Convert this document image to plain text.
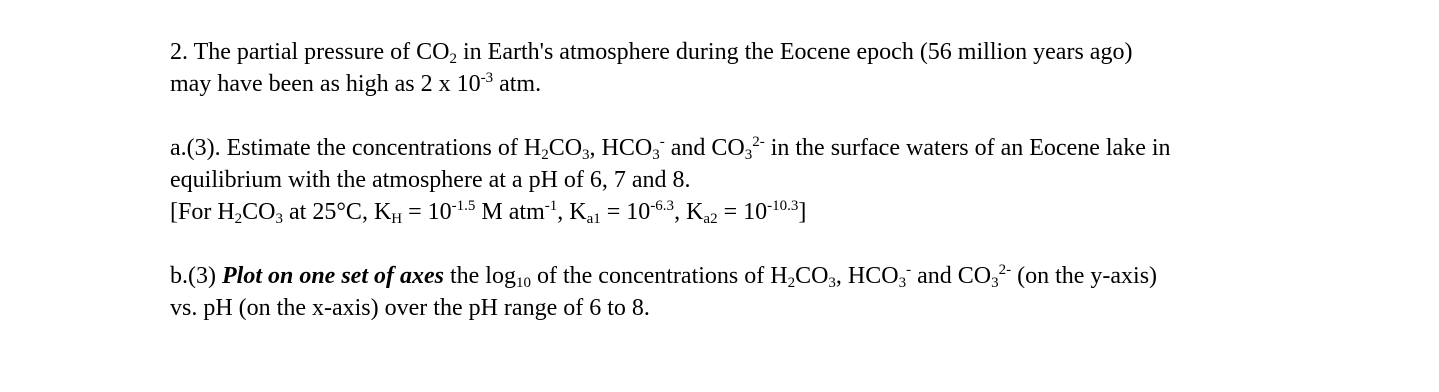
2. The partial pressure of $CO_2$ in Earth's atmosphere during the Eocene epoch (56 million years ago)
may have been as high as 2 x $10^{-3}$ atm.
a.(3). Estimate the concentrations of $H_2CO_3$, $HCO_3^-$ and $CO_3^{2-}$ in the surface waters of an Eocene lake in
equilibrium with the atmosphere at a pH of 6, 7 and 8.
[For $H_2CO_3$ at 25°C, $K_H = 10^{-1.5}$ M atm$^{-1}$, $K_{a1} = 10^{-6.3}$, $K_{a2} = 10^{-10.3}$]
b.(3) Plot on one set of axes the $\log_{10}$ of the concentrations of $H_2CO_3$, $HCO_3^-$ and $CO_3^{2-}$ (on the y-axis)
vs. pH (on the x-axis) over the pH range of 6 to 8.
